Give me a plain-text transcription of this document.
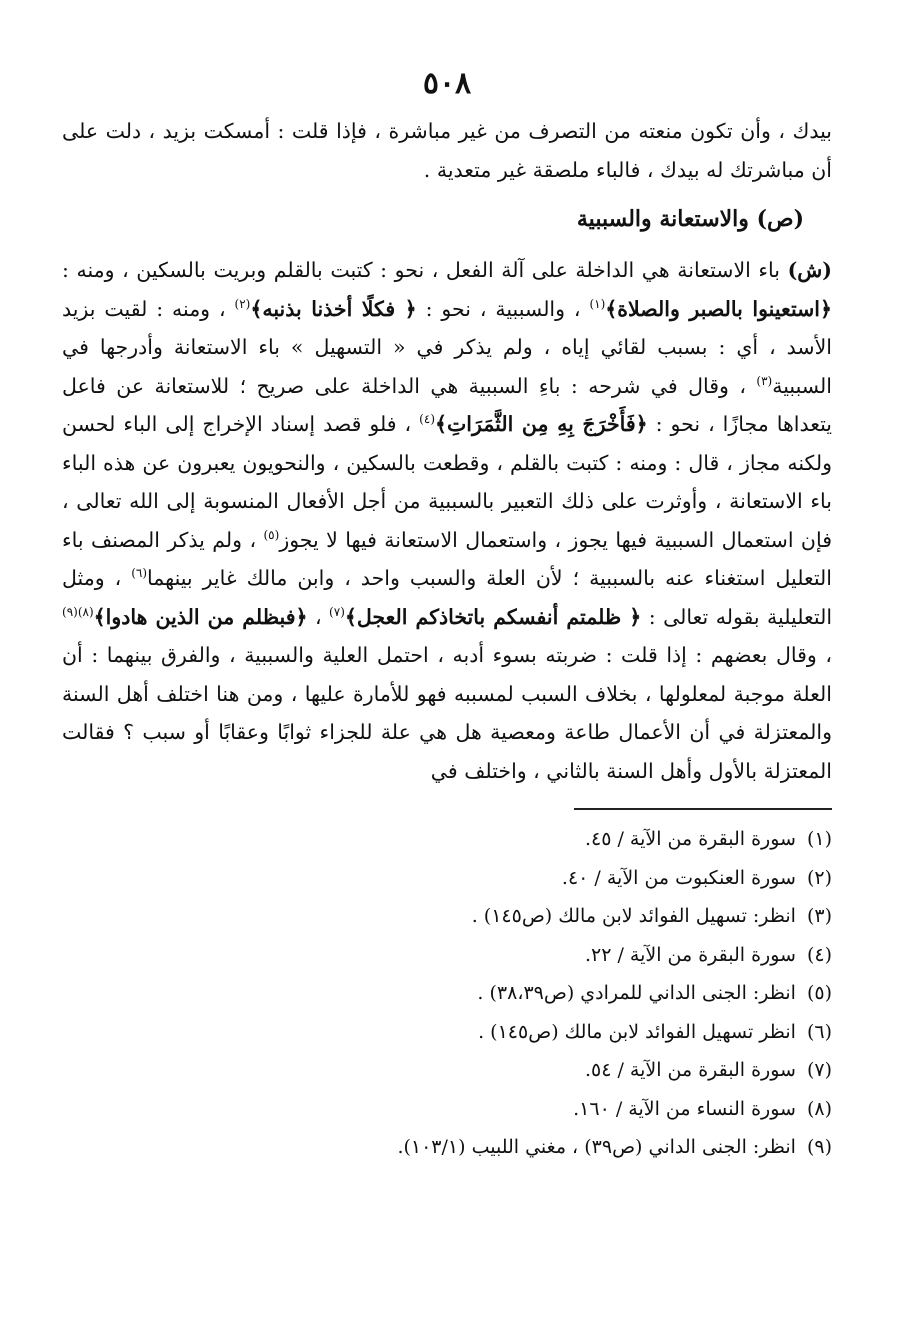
٥٠٨

بيدك ، وأن تكون منعته من التصرف من غير مباشرة ، فإذا قلت : أمسكت بزيد ، دلت على أن مباشرتك له بيدك ، فالباء ملصقة غير متعدية .

(ص) والاستعانة والسببية

(ش) باء الاستعانة هي الداخلة على آلة الفعل ، نحو : كتبت بالقلم وبريت بالسكين ، ومنه : ﴿استعينوا بالصبر والصلاة﴾$^{(١)}$ ، والسببية ، نحو : ﴿ فكلًا أخذنا بذنبه﴾$^{(٢)}$ ، ومنه : لقيت بزيد الأسد ، أي : بسبب لقائي إياه ، ولم يذكر في « التسهيل » باء الاستعانة وأدرجها في السببية$^{(٣)}$ ، وقال في شرحه : باءِ السببية هي الداخلة على صريح ؛ للاستعانة عن فاعل يتعداها مجازًا ، نحو : ﴿فَأَخْرَجَ بِهِ مِن الثَّمَرَاتِ﴾$^{(٤)}$ ، فلو قصد إسناد الإخراج إلى الباء لحسن ولكنه مجاز ، قال : ومنه : كتبت بالقلم ، وقطعت بالسكين ، والنحويون يعبرون عن هذه الباء باء الاستعانة ، وأوثرت على ذلك التعبير بالسببية من أجل الأفعال المنسوبة إلى الله تعالى ، فإن استعمال السببية فيها يجوز ، واستعمال الاستعانة فيها لا يجوز$^{(٥)}$ ، ولم يذكر المصنف باء التعليل استغناء عنه بالسببية ؛ لأن العلة والسبب واحد ، وابن مالك غاير بينهما$^{(٦)}$ ، ومثل التعليلية بقوله تعالى : ﴿ ظلمتم أنفسكم باتخاذكم العجل﴾$^{(٧)}$ ، ﴿فبظلم من الذين هادوا﴾$^{(٨)(٩)}$ ، وقال بعضهم : إذا قلت : ضربته بسوء أدبه ، احتمل العلية والسببية ، والفرق بينهما : أن العلة موجبة لمعلولها ، بخلاف السبب لمسببه فهو للأمارة عليها ، ومن هنا اختلف أهل السنة والمعتزلة في أن الأعمال طاعة ومعصية هل هي علة للجزاء ثوابًا وعقابًا أو سبب ؟ فقالت المعتزلة بالأول وأهل السنة بالثاني ، واختلف في

(١) سورة البقرة من الآية / ٤٥.
(٢) سورة العنكبوت من الآية / ٤٠.
(٣) انظر: تسهيل الفوائد لابن مالك (ص١٤٥) .
(٤) سورة البقرة من الآية / ٢٢.
(٥) انظر: الجنى الداني للمرادي (ص٣٨،٣٩) .
(٦) انظر تسهيل الفوائد لابن مالك (ص١٤٥) .
(٧) سورة البقرة من الآية / ٥٤.
(٨) سورة النساء من الآية / ١٦٠.
(٩) انظر: الجنى الداني (ص٣٩) ، مغني اللبيب (١٠٣/١).
